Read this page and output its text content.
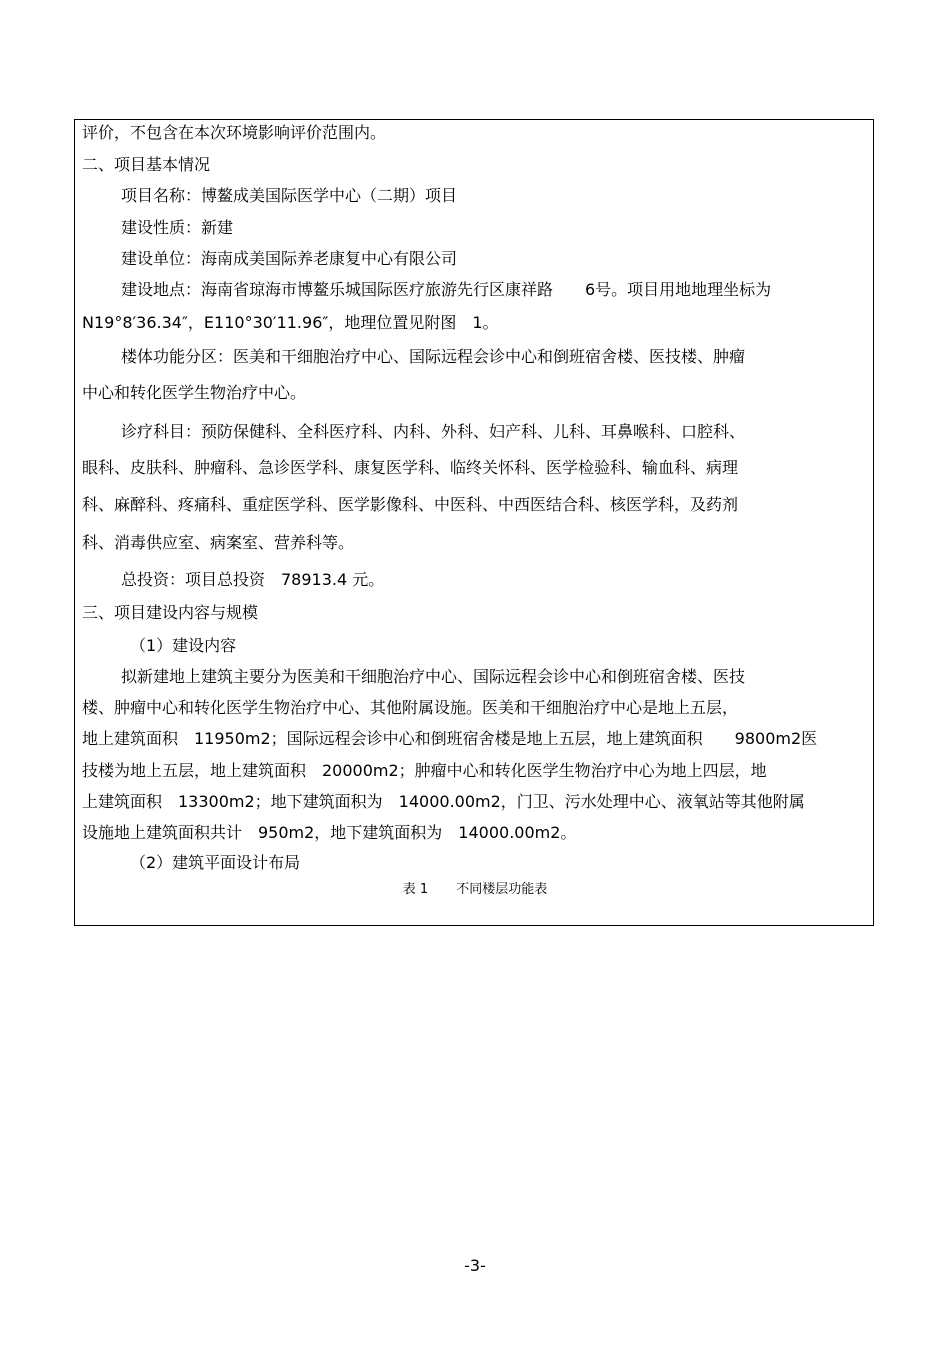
评价，不包含在本次环境影响评价范围内。
二、项目基本情况
项目名称：博鳌成美国际医学中心（二期）项目
建设性质：新建
建设单位：海南成美国际养老康复中心有限公司
建设地点：海南省琼海市博鳌乐城国际医疗旅游先行区康祥路　　6号。项目用地地理坐标为
N19°8′36.34″，E110°30′11.96″，地理位置见附图　1。
楼体功能分区：医美和干细胞治疗中心、国际远程会诊中心和倒班宿舍楼、医技楼、肿瘤
中心和转化医学生物治疗中心。
诊疗科目：预防保健科、全科医疗科、内科、外科、妇产科、儿科、耳鼻喉科、口腔科、
眼科、皮肤科、肿瘤科、急诊医学科、康复医学科、临终关怀科、医学检验科、输血科、病理
科、麻醉科、疼痛科、重症医学科、医学影像科、中医科、中西医结合科、核医学科，及药剂
科、消毒供应室、病案室、营养科等。
总投资：项目总投资　78913.4 元。
三、项目建设内容与规模
（1）建设内容
拟新建地上建筑主要分为医美和干细胞治疗中心、国际远程会诊中心和倒班宿舍楼、医技
楼、肿瘤中心和转化医学生物治疗中心、其他附属设施。医美和干细胞治疗中心是地上五层，
地上建筑面积　11950m2；国际远程会诊中心和倒班宿舍楼是地上五层，地上建筑面积　　9800m2医
技楼为地上五层，地上建筑面积　20000m2；肿瘤中心和转化医学生物治疗中心为地上四层，地
上建筑面积　13300m2；地下建筑面积为　14000.00m2，门卫、污水处理中心、液氧站等其他附属
设施地上建筑面积共计　950m2，地下建筑面积为　14000.00m2。
（2）建筑平面设计布局
表 1 不同楼层功能表
-3-
